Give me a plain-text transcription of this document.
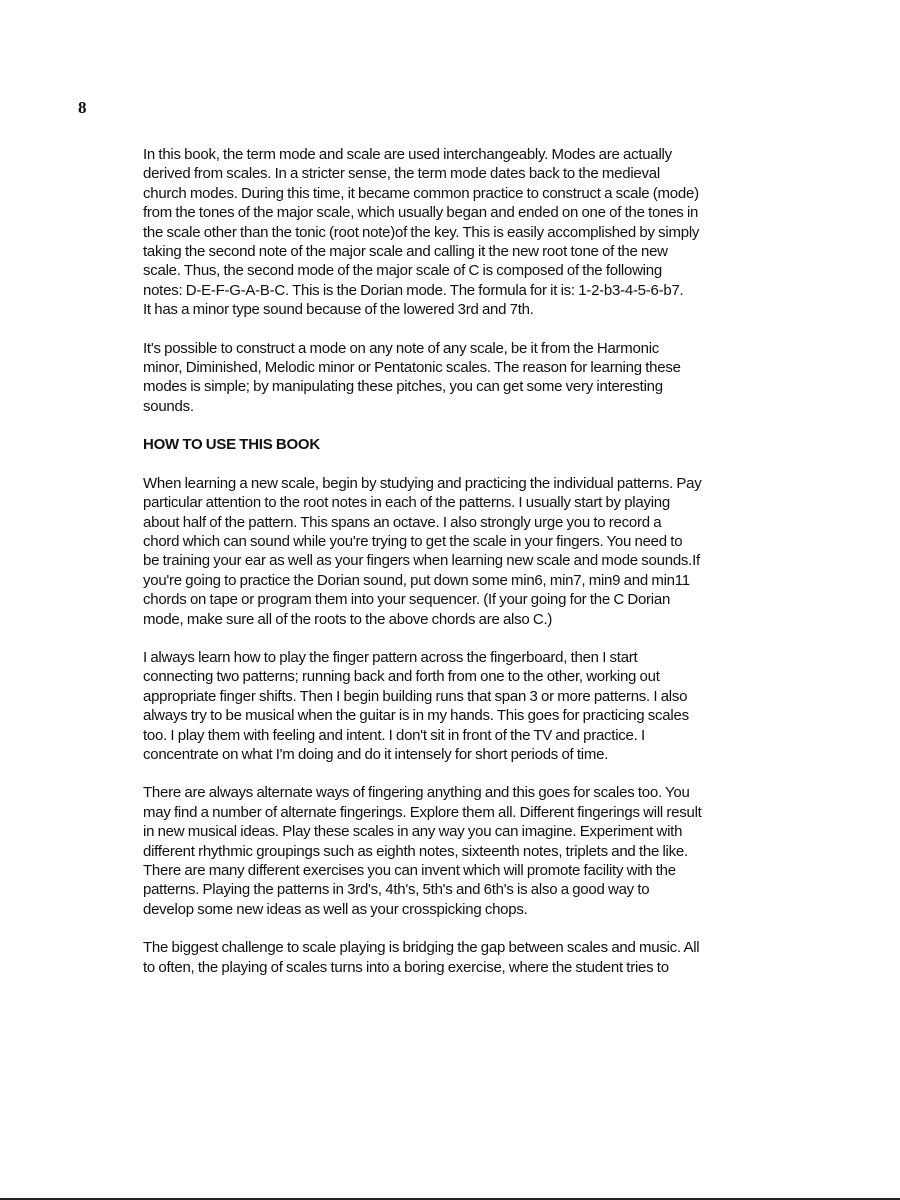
8
In this book, the term mode and scale are used interchangeably. Modes are actually
derived from scales. In a stricter sense, the term mode dates back to the medieval
church modes. During this time, it became common practice to construct a scale (mode)
from the tones of the major scale, which usually began and ended on one of the tones in
the scale other than the tonic (root note)of the key. This is easily accomplished by simply
taking the second note of the major scale and calling it the new root tone of the new
scale. Thus, the second mode of the major scale of C is composed of the following
notes: D-E-F-G-A-B-C. This is the Dorian mode. The formula for it is: 1-2-b3-4-5-6-b7.
It has a minor type sound because of the lowered 3rd and 7th.
It's possible to construct a mode on any note of any scale, be it from the Harmonic
minor, Diminished, Melodic minor or Pentatonic scales. The reason for learning these
modes is simple; by manipulating these pitches, you can get some very interesting
sounds.
HOW TO USE THIS BOOK
When learning a new scale, begin by studying and practicing the individual patterns. Pay
particular attention to the root notes in each of the patterns. I usually start by playing
about half of the pattern. This spans an octave. I also strongly urge you to record a
chord which can sound while you're trying to get the scale in your fingers. You need to
be training your ear as well as your fingers when learning new scale and mode sounds.If
you're going to practice the Dorian sound, put down some min6, min7, min9 and min11
chords on tape or program them into your sequencer. (If your going for the C Dorian
mode, make sure all of the roots to the above chords are also C.)
I always learn how to play the finger pattern across the fingerboard, then I start
connecting two patterns; running back and forth from one to the other, working out
appropriate finger shifts. Then I begin building runs that span 3 or more patterns. I also
always try to be musical when the guitar is in my hands. This goes for practicing scales
too. I play them with feeling and intent. I don't sit in front of the TV and practice. I
concentrate on what I'm doing and do it intensely for short periods of time.
There are always alternate ways of fingering anything and this goes for scales too. You
may find a number of alternate fingerings. Explore them all. Different fingerings will result
in new musical ideas. Play these scales in any way you can imagine. Experiment with
different rhythmic groupings such as eighth notes, sixteenth notes, triplets and the like.
There are many different exercises you can invent which will promote facility with the
patterns. Playing the patterns in 3rd's, 4th's, 5th's and 6th's is also a good way to
develop some new ideas as well as your crosspicking chops.
The biggest challenge to scale playing is bridging the gap between scales and music. All
to often, the playing of scales turns into a boring exercise, where the student tries to
